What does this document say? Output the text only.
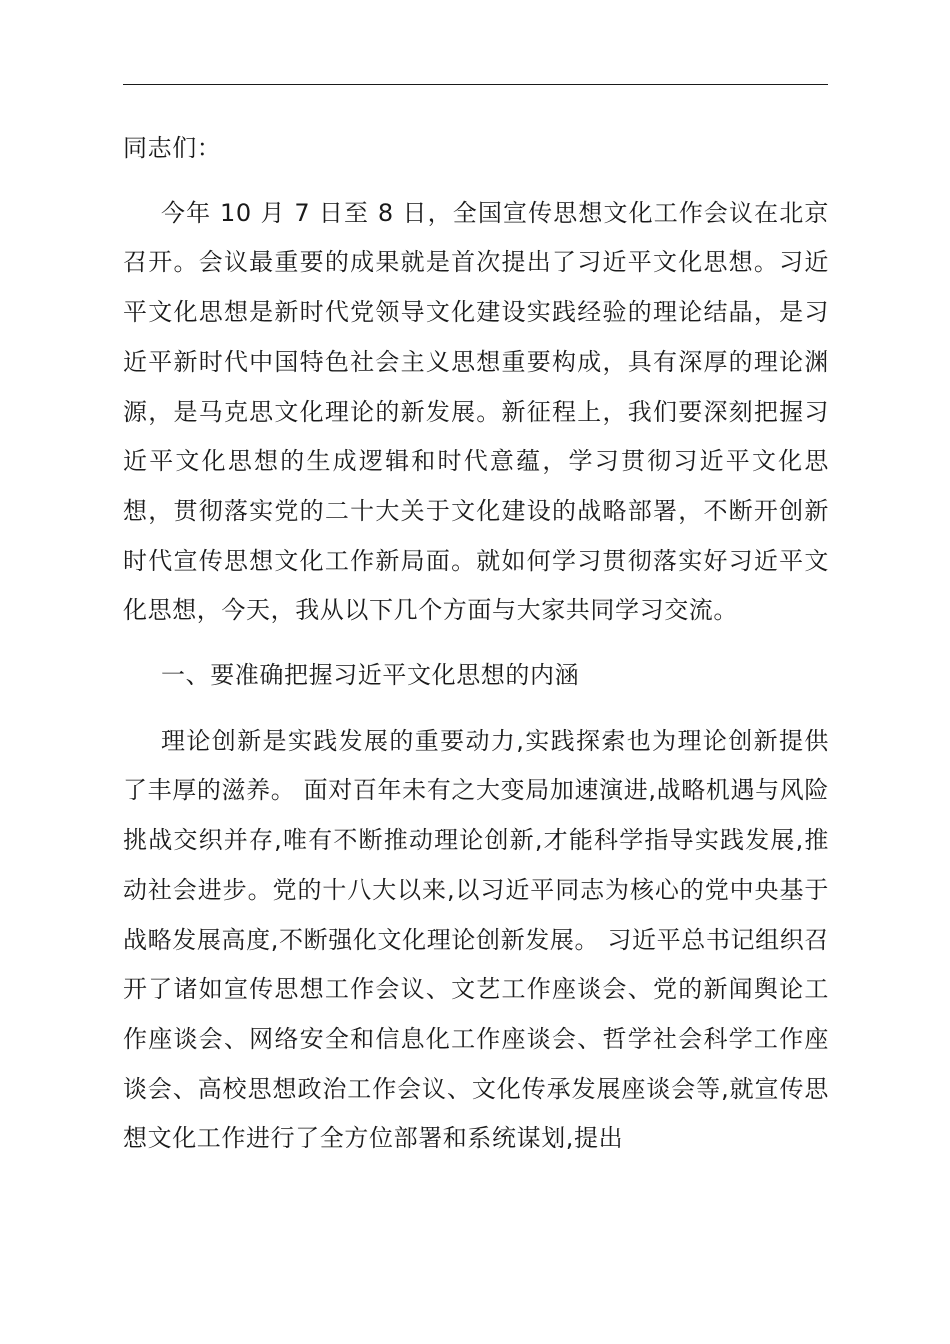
同志们：

今年 10 月 7 日至 8 日，全国宣传思想文化工作会议在北京召开。会议最重要的成果就是首次提出了习近平文化思想。习近平文化思想是新时代党领导文化建设实践经验的理论结晶，是习近平新时代中国特色社会主义思想重要构成，具有深厚的理论渊源，是马克思文化理论的新发展。新征程上，我们要深刻把握习近平文化思想的生成逻辑和时代意蕴，学习贯彻习近平文化思想，贯彻落实党的二十大关于文化建设的战略部署，不断开创新时代宣传思想文化工作新局面。就如何学习贯彻落实好习近平文化思想，今天，我从以下几个方面与大家共同学习交流。

一、要准确把握习近平文化思想的内涵

理论创新是实践发展的重要动力,实践探索也为理论创新提供了丰厚的滋养。 面对百年未有之大变局加速演进,战略机遇与风险挑战交织并存,唯有不断推动理论创新,才能科学指导实践发展,推动社会进步。党的十八大以来,以习近平同志为核心的党中央基于战略发展高度,不断强化文化理论创新发展。 习近平总书记组织召开了诸如宣传思想工作会议、文艺工作座谈会、党的新闻舆论工作座谈会、网络安全和信息化工作座谈会、哲学社会科学工作座谈会、高校思想政治工作会议、文化传承发展座谈会等,就宣传思想文化工作进行了全方位部署和系统谋划,提出
